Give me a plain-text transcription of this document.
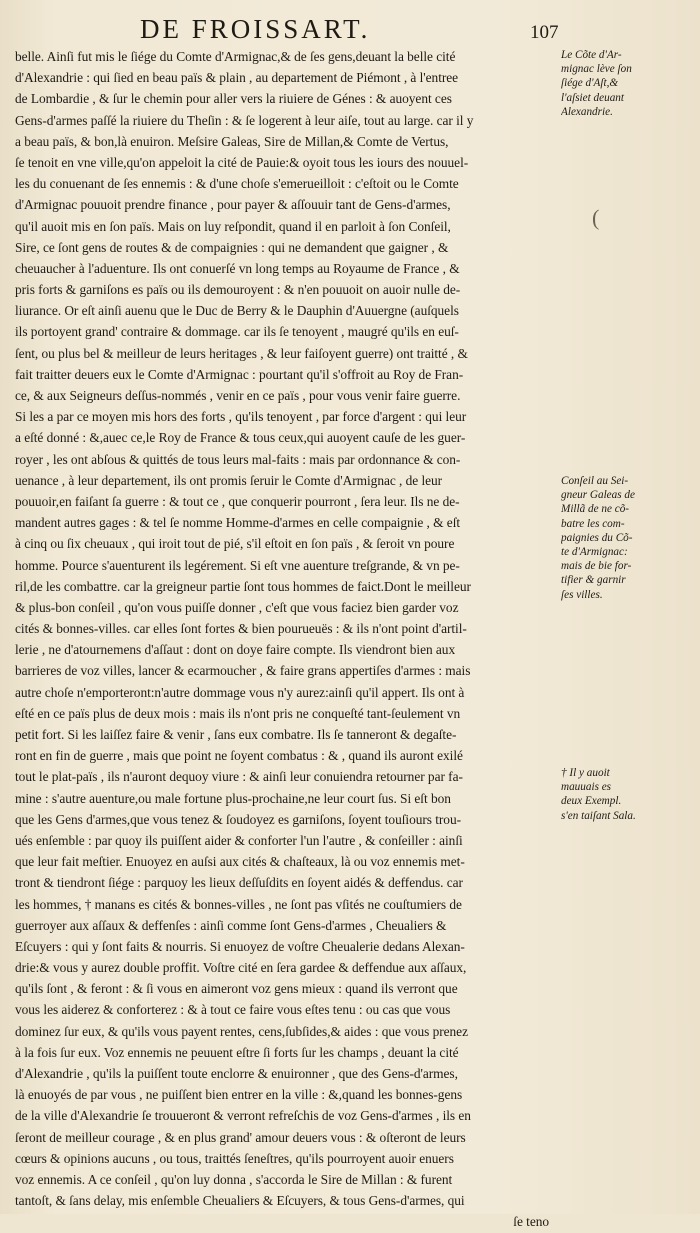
DE FROISSART.	107
belle. Ainſi fut mis le ſiége du Comte d'Armignac,& de ſes gens,deuant la belle cité
d'Alexandrie : qui ſied en beau païs & plain , au departement de Piémont , à l'entree
de Lombardie , & ſur le chemin pour aller vers la riuiere de Génes : & auoyent ces
Gens-d'armes paſſé la riuiere du Theſin : & ſe logerent à leur aiſe, tout au large. car il y
a beau païs, & bon,là enuiron. Meſsire Galeas, Sire de Millan,& Comte de Vertus,
ſe tenoit en vne ville,qu'on appeloit la cité de Pauie:& oyoit tous les iours des nouuel-
les du conuenant de ſes ennemis : & d'une choſe s'emerueilloit : c'eſtoit ou le Comte
d'Armignac pouuoit prendre finance , pour payer & aſſouuir tant de Gens-d'armes,
qu'il auoit mis en ſon païs. Mais on luy reſpondit, quand il en parloit à ſon Conſeil,
Sire, ce ſont gens de routes & de compaignies : qui ne demandent que gaigner , &
cheuaucher à l'aduenture. Ils ont conuerſé vn long temps au Royaume de France , &
pris forts & garniſons es païs ou ils demouroyent : & n'en pouuoit on auoir nulle de-
liurance. Or eſt ainſi auenu que le Duc de Berry & le Dauphin d'Auuergne (auſquels
ils portoyent grand' contraire & dommage. car ils ſe tenoyent , maugré qu'ils en euſ-
ſent, ou plus bel & meilleur de leurs heritages , & leur faiſoyent guerre) ont traitté , &
fait traitter deuers eux le Comte d'Armignac : pourtant qu'il s'offroit au Roy de Fran-
ce, & aux Seigneurs deſſus-nommés , venir en ce païs , pour vous venir faire guerre.
Si les a par ce moyen mis hors des forts , qu'ils tenoyent , par force d'argent : qui leur
a eſté donné : &,auec ce,le Roy de France & tous ceux,qui auoyent cauſe de les guer-
royer , les ont abſous & quittés de tous leurs mal-faits : mais par ordonnance & con-
uenance , à leur departement, ils ont promis ſeruir le Comte d'Armignac , de leur
pouuoir,en faiſant ſa guerre : & tout ce , que conquerir pourront , ſera leur. Ils ne de-
mandent autres gages : & tel ſe nomme Homme-d'armes en celle compaignie , & eſt
à cinq ou ſix cheuaux , qui iroit tout de pié, s'il eſtoit en ſon païs , & ſeroit vn poure
homme. Pource s'auenturent ils legérement. Si eſt vne auenture treſgrande, & vn pe-
ril,de les combattre. car la greigneur partie ſont tous hommes de faict.Dont le meilleur
& plus-bon conſeil , qu'on vous puiſſe donner , c'eſt que vous faciez bien garder voz
cités & bonnes-villes. car elles ſont fortes & bien pourueuës : & ils n'ont point d'artil-
lerie , ne d'atournemens d'aſſaut : dont on doye faire compte. Ils viendront bien aux
barrieres de voz villes, lancer & ecarmoucher , & faire grans appertiſes d'armes : mais
autre choſe n'emporteront:n'autre dommage vous n'y aurez:ainſi qu'il appert. Ils ont à
eſté en ce païs plus de deux mois : mais ils n'ont pris ne conqueſté tant-ſeulement vn
petit fort. Si les laiſſez faire & venir , ſans eux combatre. Ils ſe tanneront & degaſte-
ront en fin de guerre , mais que point ne ſoyent combatus : & , quand ils auront exilé
tout le plat-païs , ils n'auront dequoy viure : & ainſi leur conuiendra retourner par fa-
mine : s'autre auenture,ou male fortune plus-prochaine,ne leur court ſus. Si eſt bon
que les Gens d'armes,que vous tenez & ſoudoyez es garniſons, ſoyent touſiours trou-
ués enſemble : par quoy ils puiſſent aider & conforter l'un l'autre , & conſeiller : ainſi
que leur fait meſtier. Enuoyez en auſsi aux cités & chaſteaux, là ou voz ennemis met-
tront & tiendront ſiége : parquoy les lieux deſſuſdits en ſoyent aidés & deffendus. car
les hommes, † manans es cités & bonnes-villes , ne ſont pas vſités ne couſtumiers de
guerroyer aux aſſaux & deffenſes : ainſi comme ſont Gens-d'armes , Cheualiers &
Eſcuyers : qui y ſont faits & nourris. Si enuoyez de voſtre Cheualerie dedans Alexan-
drie:& vous y aurez double proffit. Voſtre cité en ſera gardee & deffendue aux aſſaux,
qu'ils ſont , & feront : & ſi vous en aimeront voz gens mieux : quand ils verront que
vous les aiderez & conforterez : & à tout ce faire vous eſtes tenu : ou cas que vous
dominez ſur eux, & qu'ils vous payent rentes, cens,ſubſides,& aides : que vous prenez
à la fois ſur eux. Voz ennemis ne peuuent eſtre ſi forts ſur les champs , deuant la cité
d'Alexandrie , qu'ils la puiſſent toute enclorre & enuironner , que des Gens-d'armes,
là enuoyés de par vous , ne puiſſent bien entrer en la ville : &,quand les bonnes-gens
de la ville d'Alexandrie ſe trouueront & verront refreſchis de voz Gens-d'armes , ils en
ſeront de meilleur courage , & en plus grand' amour deuers vous : & oſteront de leurs
cœurs & opinions aucuns , ou tous, traittés ſeneſtres, qu'ils pourroyent auoir enuers
voz ennemis. A ce conſeil , qu'on luy donna , s'accorda le Sire de Millan : & furent
tantoſt, & ſans delay, mis enſemble Cheualiers & Eſcuyers, & tous Gens-d'armes, qui
ſe teno
Le Cõte d'Ar-
mignac lève ſon
ſiége d'Aſt,&
l'aſsiet deuant
Alexandrie.
(
Conſeil au Sei-
gneur Galeas de
Millã de ne cõ-
batre les com-
paignies du Cõ-
te d'Armignac:
mais de bie for-
tifier & garnir
ſes villes.
† Il y auoit
mauuais es
deux Exempl.
s'en taiſant Sala.
